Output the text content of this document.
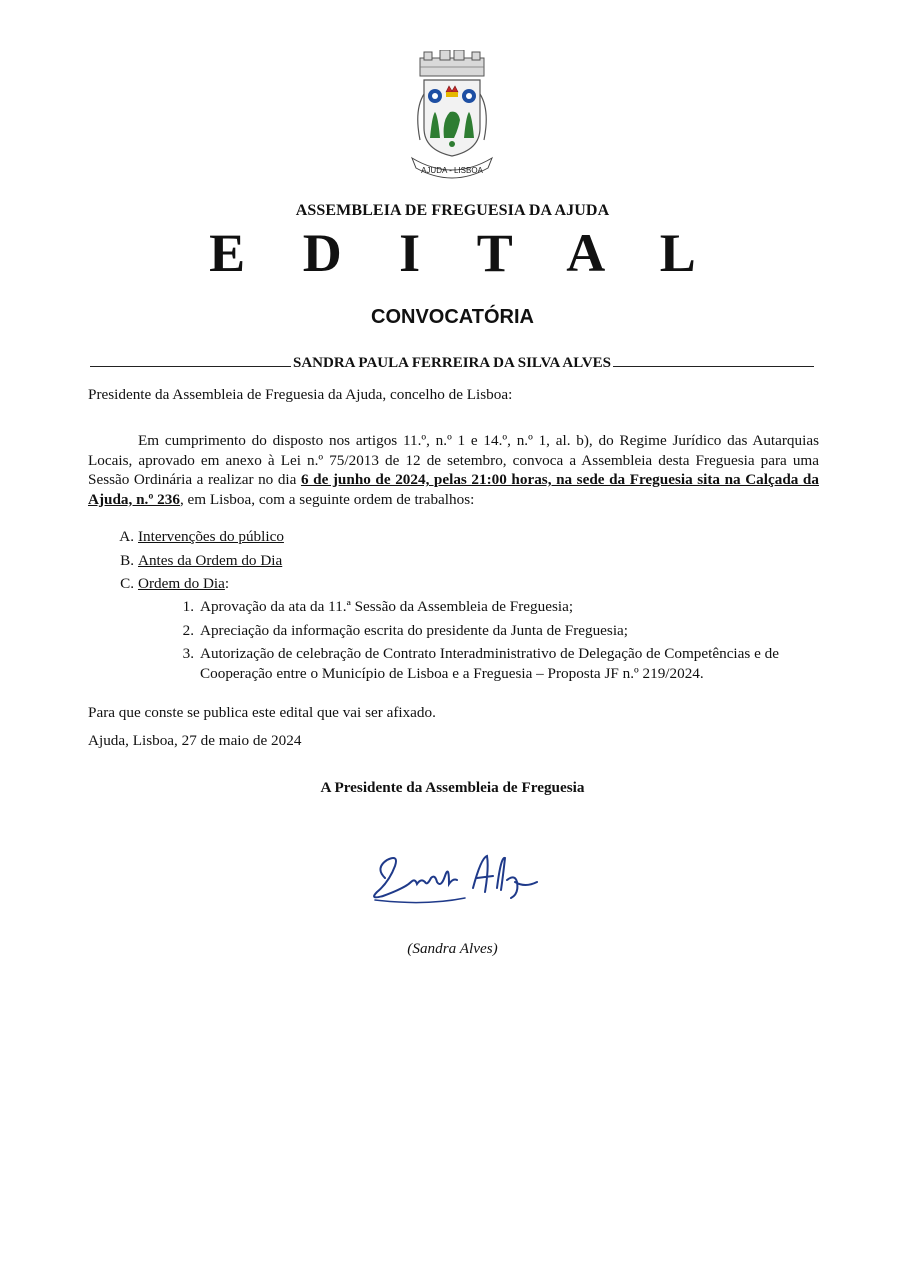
AJUDA - LISBOA
ASSEMBLEIA DE FREGUESIA DA AJUDA
E D I T A L
CONVOCATÓRIA
SANDRA PAULA FERREIRA DA SILVA ALVES
Presidente da Assembleia de Freguesia da Ajuda, concelho de Lisboa:
Em cumprimento do disposto nos artigos 11.º, n.º 1 e 14.º, n.º 1, al. b), do Regime Jurídico das Autarquias Locais, aprovado em anexo à Lei n.º 75/2013 de 12 de setembro, convoca a Assembleia desta Freguesia para uma Sessão Ordinária a realizar no dia 6 de junho de 2024, pelas 21:00 horas, na sede da Freguesia sita na Calçada da Ajuda, n.º 236, em Lisboa, com a seguinte ordem de trabalhos:
A. Intervenções do público
B. Antes da Ordem do Dia
C. Ordem do Dia :
1. Aprovação da ata da 11.ª Sessão da Assembleia de Freguesia;
2. Apreciação da informação escrita do presidente da Junta de Freguesia;
3. Autorização de celebração de Contrato Interadministrativo de Delegação de Competências e de Cooperação entre o Município de Lisboa e a Freguesia – Proposta JF n.º 219/2024.
Para que conste se publica este edital que vai ser afixado.
Ajuda, Lisboa, 27 de maio de 2024
A Presidente da Assembleia de Freguesia
(Sandra Alves)
